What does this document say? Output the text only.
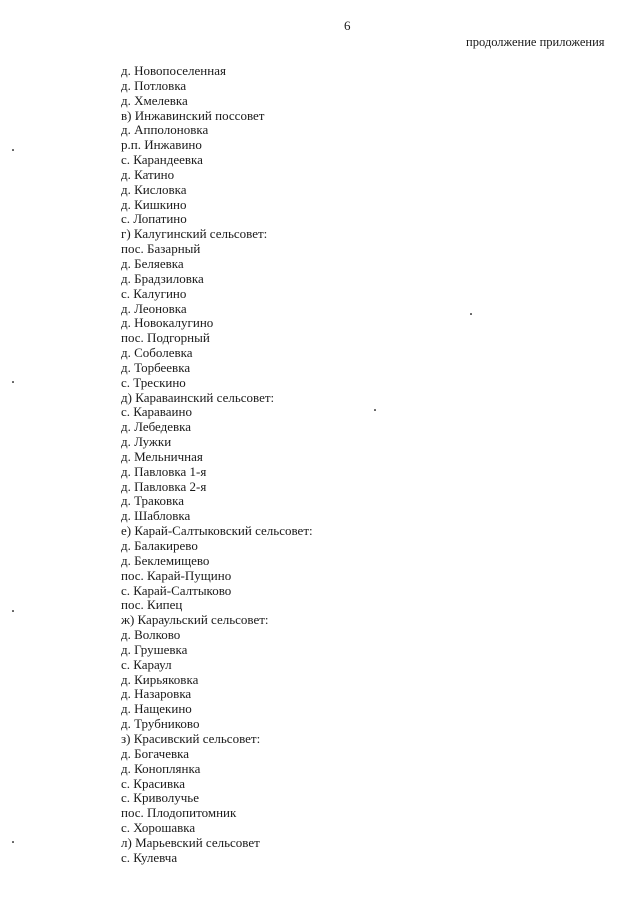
6
продолжение приложения
д. Новопоселенная
д. Потловка
д. Хмелевка
в) Инжавинский поссовет
д. Апполоновка
р.п. Инжавино
с. Карандеевка
д. Катино
д. Кисловка
д. Кишкино
с. Лопатино
г) Калугинский сельсовет:
пос. Базарный
д. Беляевка
д. Брадзиловка
с. Калугино
д. Леоновка
д. Новокалугино
пос. Подгорный
д. Соболевка
д. Торбеевка
с. Трескино
д) Караваинский сельсовет:
с. Караваино
д. Лебедевка
д. Лужки
д. Мельничная
д. Павловка 1-я
д. Павловка 2-я
д. Траковка
д. Шабловка
е) Карай-Салтыковский сельсовет:
д. Балакирево
д. Беклемищево
пос. Карай-Пущино
с. Карай-Салтыково
пос. Кипец
ж) Караульский сельсовет:
д. Волково
д. Грушевка
с. Караул
д. Кирьяковка
д. Назаровка
д. Нащекино
д. Трубниково
з) Красивский сельсовет:
д. Богачевка
д. Коноплянка
с. Красивка
с. Криволучье
пос. Плодопитомник
с. Хорошавка
л) Марьевский сельсовет
с. Кулевча
